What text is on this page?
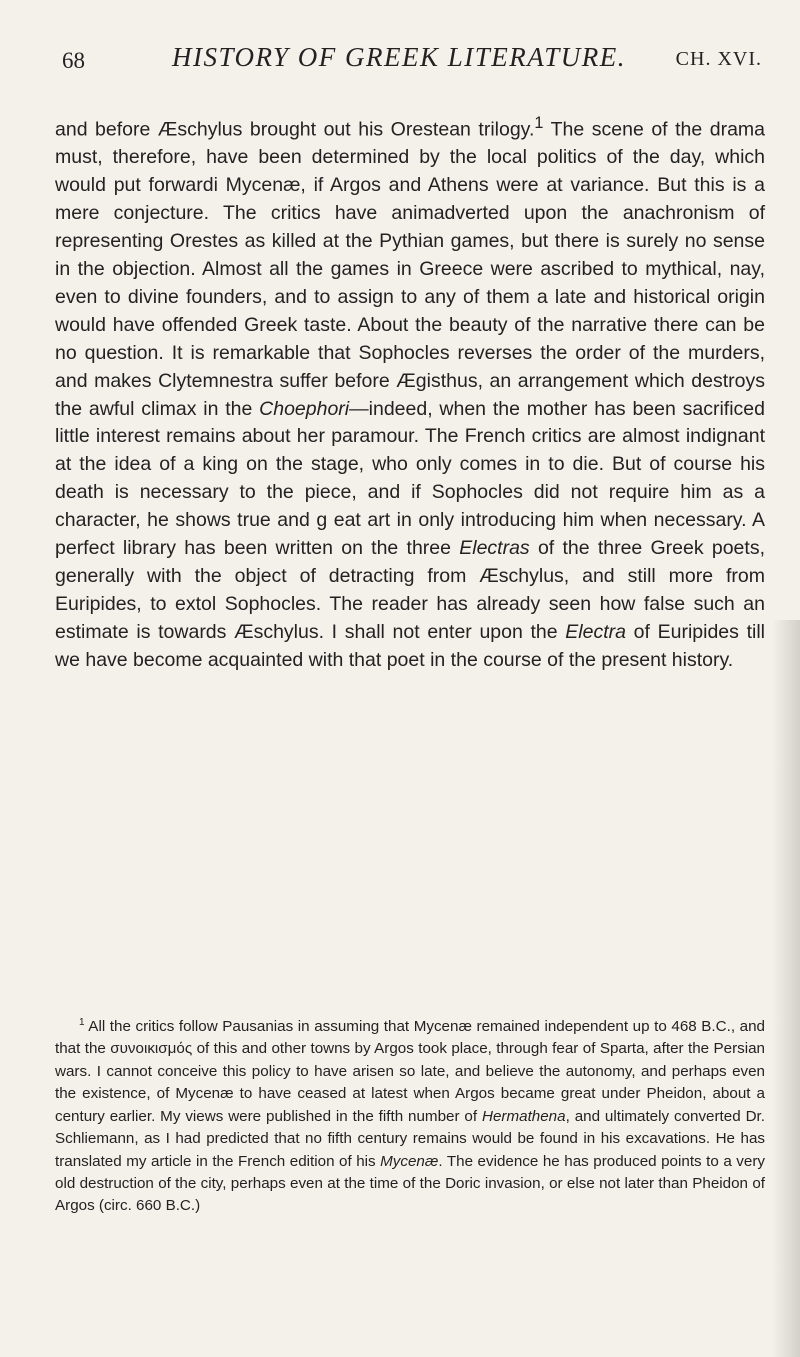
68	HISTORY OF GREEK LITERATURE. CH. XVI.

and before Æschylus brought out his Orestean trilogy.$^1$ The scene of the drama must, therefore, have been determined by the local politics of the day, which would put forwardi Mycenæ, if Argos and Athens were at variance. But this is a mere conjecture. The critics have animadverted upon the anachronism of representing Orestes as killed at the Pythian games, but there is surely no sense in the objection. Almost all the games in Greece were ascribed to mythical, nay, even to divine founders, and to assign to any of them a late and historical origin would have offended Greek taste. About the beauty of the narrative there can be no question. It is remarkable that Sophocles reverses the order of the murders, and makes Clytemnestra suffer before Ægisthus, an arrangement which destroys the awful climax in the Choephori—indeed, when the mother has been sacrificed little interest remains about her paramour. The French critics are almost indignant at the idea of a king on the stage, who only comes in to die. But of course his death is necessary to the piece, and if Sophocles did not require him as a character, he shows true and g eat art in only introducing him when necessary. A perfect library has been written on the three Electras of the three Greek poets, generally with the object of detracting from Æschylus, and still more from Euripides, to extol Sophocles. The reader has already seen how false such an estimate is towards Æschylus. I shall not enter upon the Electra of Euripides till we have become acquainted with that poet in the course of the present history.

$^1$ All the critics follow Pausanias in assuming that Mycenæ remained independent up to 468 B.C., and that the συνοικισμός of this and other towns by Argos took place, through fear of Sparta, after the Persian wars. I cannot conceive this policy to have arisen so late, and believe the autonomy, and perhaps even the existence, of Mycenæ to have ceased at latest when Argos became great under Pheidon, about a century earlier. My views were published in the fifth number of Hermathena, and ultimately converted Dr. Schliemann, as I had predicted that no fifth century remains would be found in his excavations. He has translated my article in the French edition of his Mycenæ. The evidence he has produced points to a very old destruction of the city, perhaps even at the time of the Doric invasion, or else not later than Pheidon of Argos (circ. 660 B.C.)
